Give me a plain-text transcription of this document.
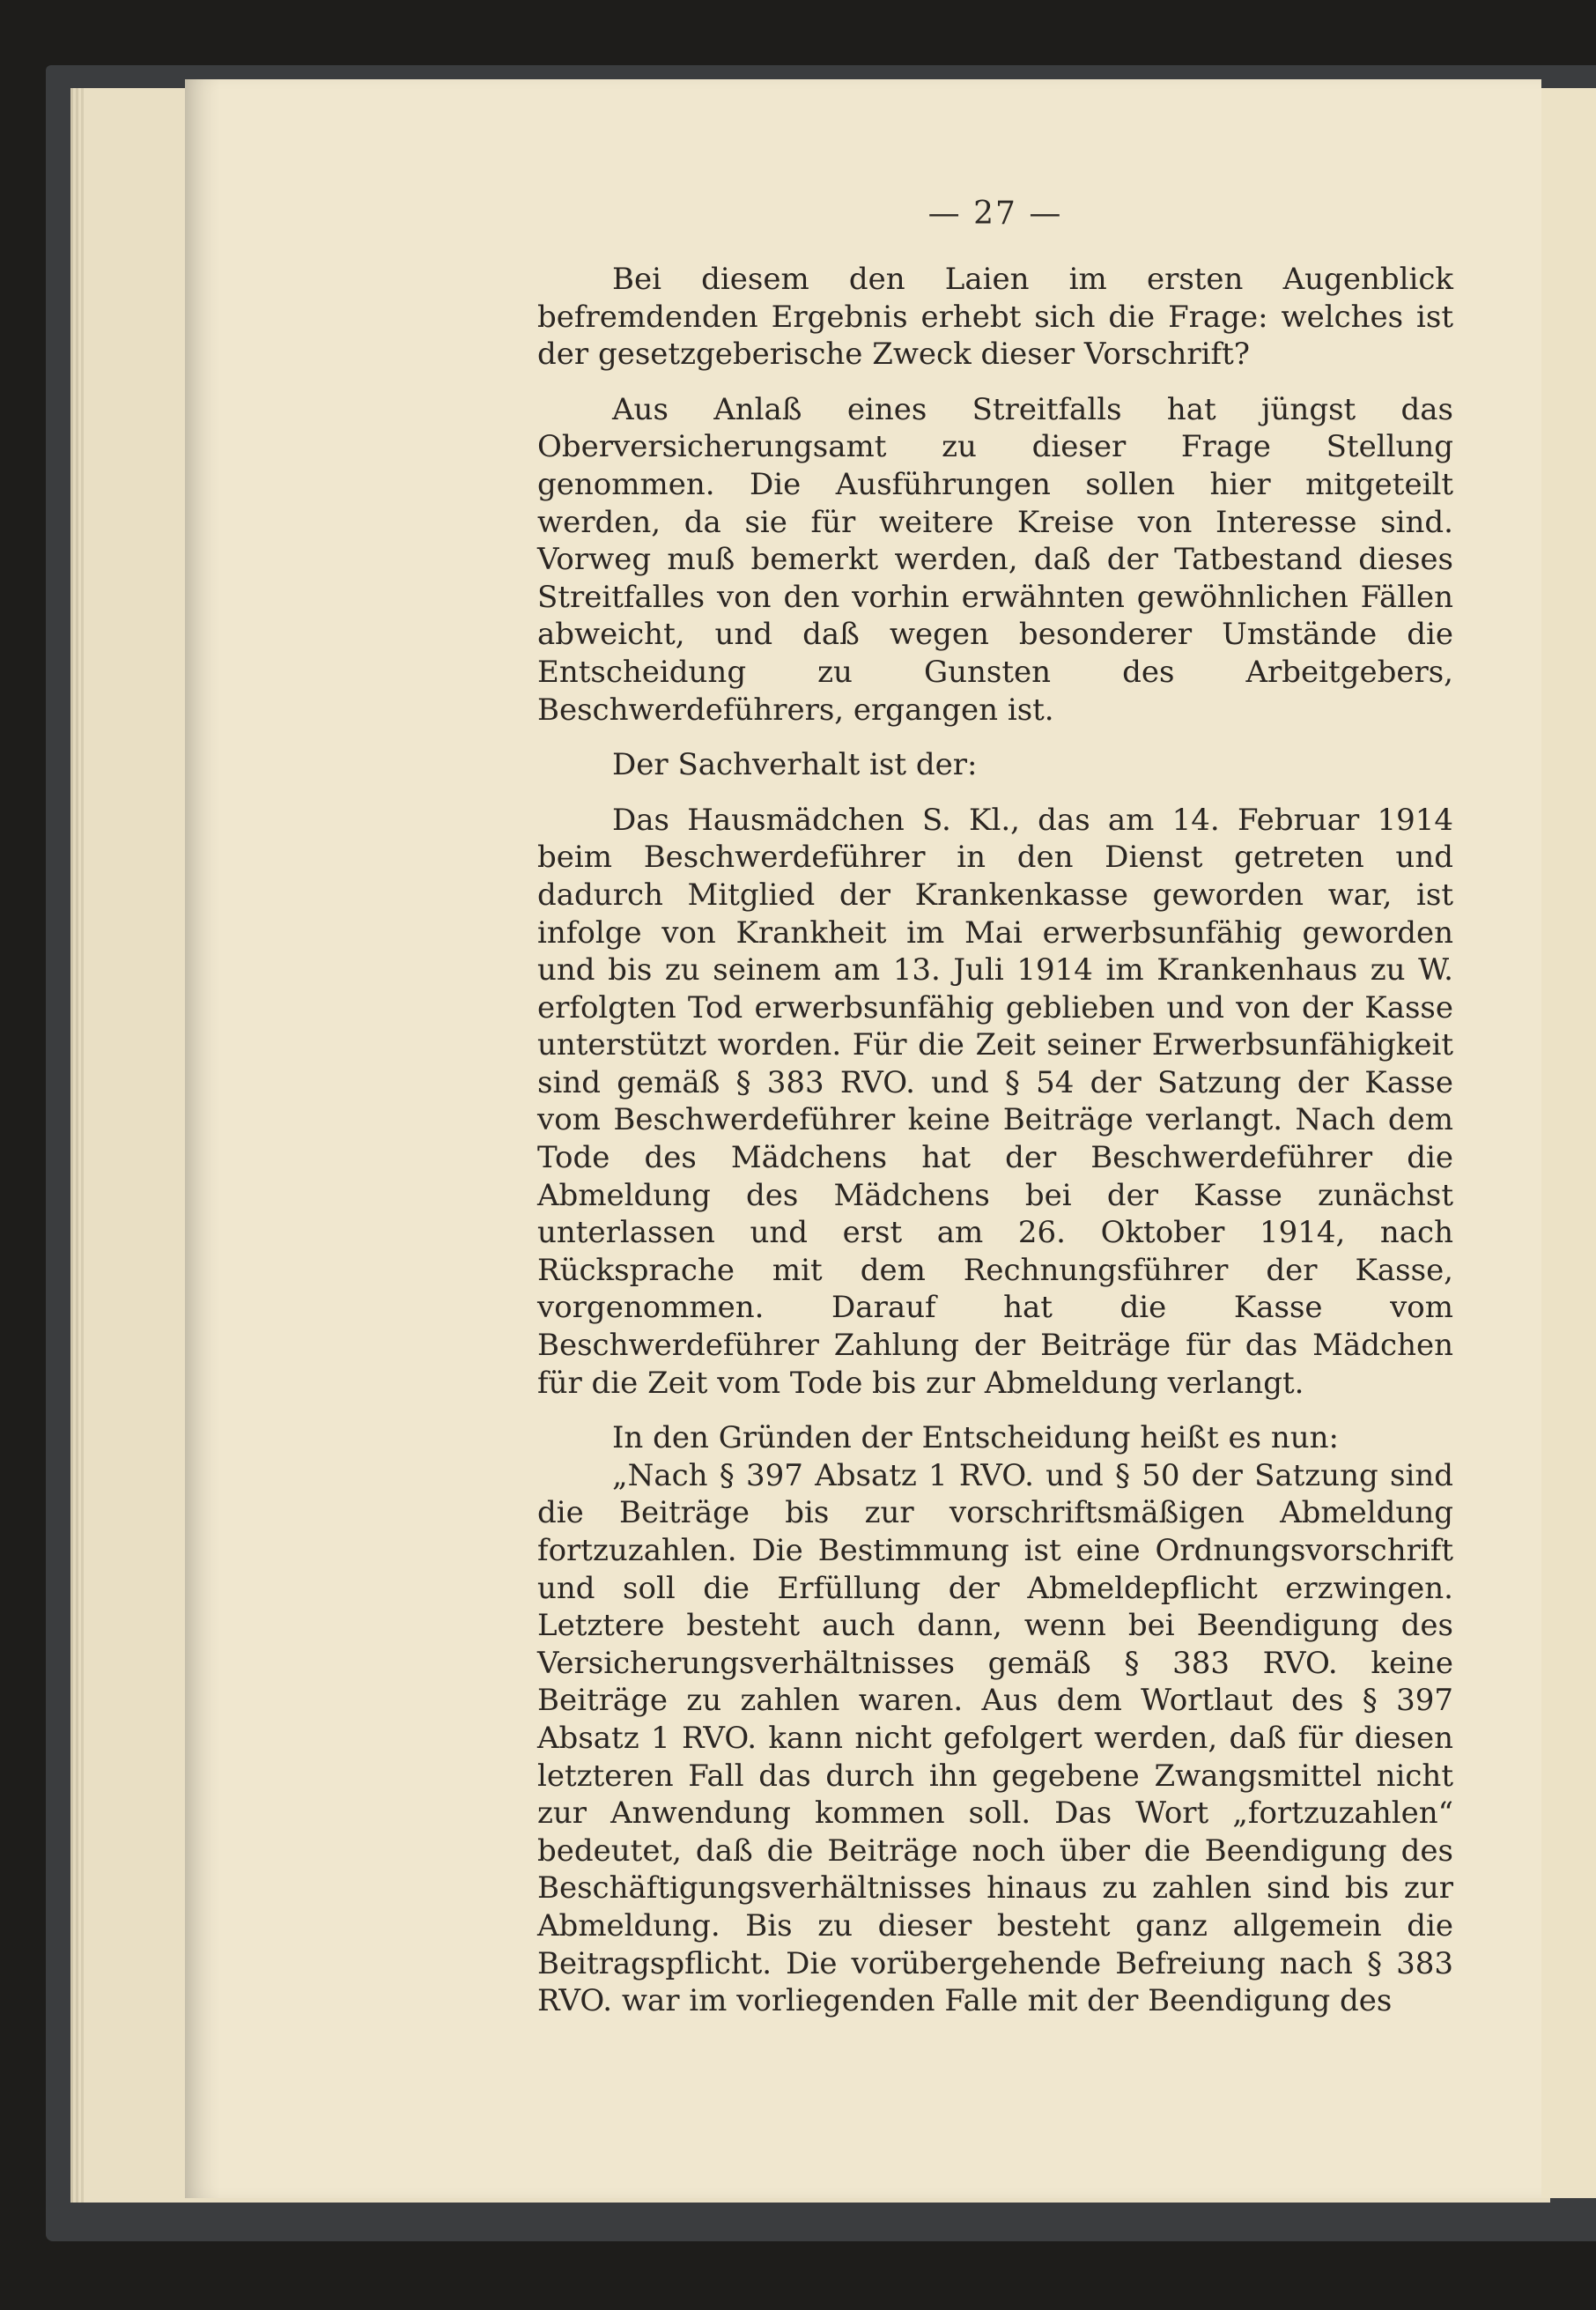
— 27 —

Bei diesem den Laien im ersten Augenblick befremdenden Ergebnis erhebt sich die Frage: welches ist der gesetzgeberische Zweck dieser Vorschrift?

Aus Anlaß eines Streitfalls hat jüngst das Oberversicherungsamt zu dieser Frage Stellung genommen. Die Ausführungen sollen hier mitgeteilt werden, da sie für weitere Kreise von Interesse sind. Vorweg muß bemerkt werden, daß der Tatbestand dieses Streitfalles von den vorhin erwähnten gewöhnlichen Fällen abweicht, und daß wegen besonderer Umstände die Entscheidung zu Gunsten des Arbeitgebers, Beschwerdeführers, ergangen ist.

Der Sachverhalt ist der:

Das Hausmädchen S. Kl., das am 14. Februar 1914 beim Beschwerdeführer in den Dienst getreten und dadurch Mitglied der Krankenkasse geworden war, ist infolge von Krankheit im Mai erwerbsunfähig geworden und bis zu seinem am 13. Juli 1914 im Krankenhaus zu W. erfolgten Tod erwerbsunfähig geblieben und von der Kasse unterstützt worden. Für die Zeit seiner Erwerbsunfähigkeit sind gemäß § 383 RVO. und § 54 der Satzung der Kasse vom Beschwerdeführer keine Beiträge verlangt. Nach dem Tode des Mädchens hat der Beschwerdeführer die Abmeldung des Mädchens bei der Kasse zunächst unterlassen und erst am 26. Oktober 1914, nach Rücksprache mit dem Rechnungsführer der Kasse, vorgenommen. Darauf hat die Kasse vom Beschwerdeführer Zahlung der Beiträge für das Mädchen für die Zeit vom Tode bis zur Abmeldung verlangt.

In den Gründen der Entscheidung heißt es nun:

„Nach § 397 Absatz 1 RVO. und § 50 der Satzung sind die Beiträge bis zur vorschriftsmäßigen Abmeldung fortzuzahlen. Die Bestimmung ist eine Ordnungsvorschrift und soll die Erfüllung der Abmeldepflicht erzwingen. Letztere besteht auch dann, wenn bei Beendigung des Versicherungsverhältnisses gemäß § 383 RVO. keine Beiträge zu zahlen waren. Aus dem Wortlaut des § 397 Absatz 1 RVO. kann nicht gefolgert werden, daß für diesen letzteren Fall das durch ihn gegebene Zwangsmittel nicht zur Anwendung kommen soll. Das Wort „fortzuzahlen“ bedeutet, daß die Beiträge noch über die Beendigung des Beschäftigungsverhältnisses hinaus zu zahlen sind bis zur Abmeldung. Bis zu dieser besteht ganz allgemein die Beitragspflicht. Die vorübergehende Befreiung nach § 383 RVO. war im vorliegenden Falle mit der Beendigung des
